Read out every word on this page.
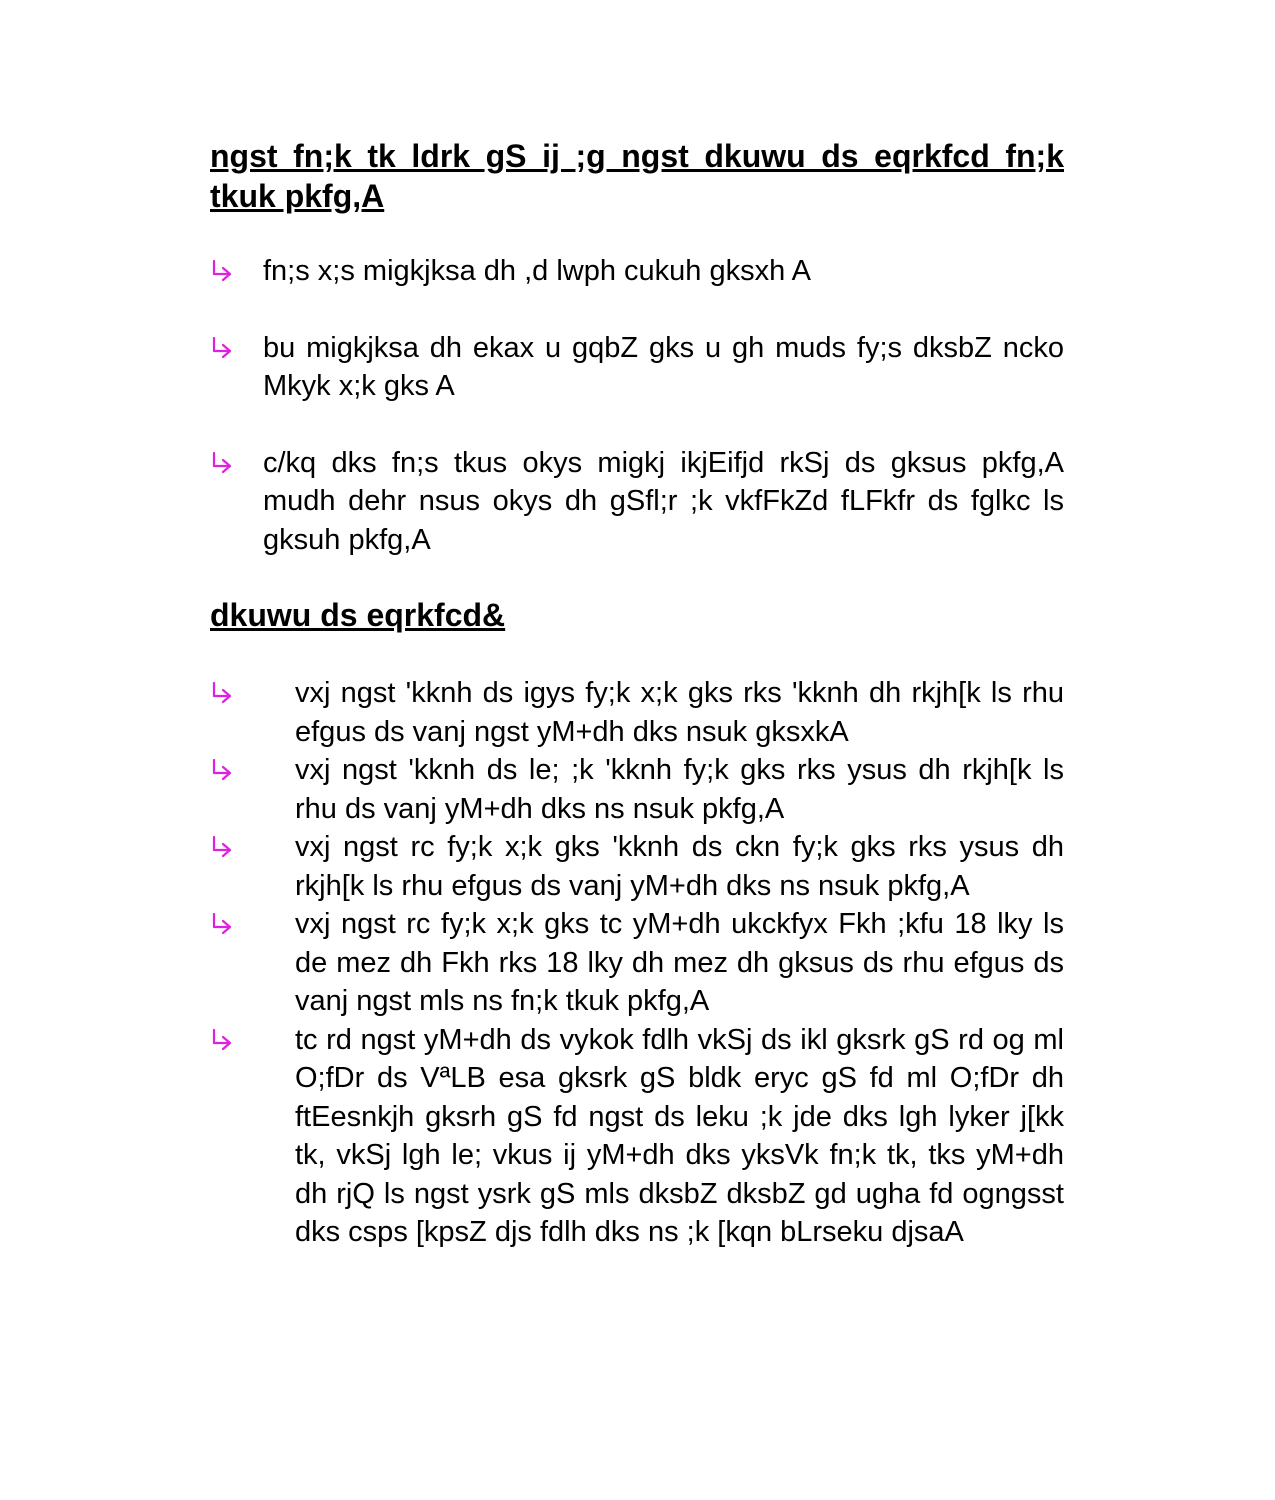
ngst fn;k tk ldrk gS ij ;g ngst dkuwu ds eqrkfcd fn;k tkuk pkfg,A
fn;s x;s migkjksa dh ,d lwph cukuh gksxh A
bu migkjksa dh ekax u gqbZ gks u gh muds fy;s dksbZ ncko Mkyk x;k gks A
c/kq dks fn;s tkus okys migkj ikjEifjd rkSj ds gksus pkfg,A mudh dehr nsus okys dh gSfl;r ;k vkfFkZd fLFkfr ds fglkc ls gksuh pkfg,A
dkuwu ds eqrkfcd&
vxj ngst 'kknh ds igys fy;k x;k gks rks 'kknh dh rkjh[k ls rhu efgus ds vanj ngst yM+dh dks nsuk gksxkA
vxj ngst 'kknh ds le; ;k 'kknh fy;k gks rks ysus dh rkjh[k ls rhu ds vanj yM+dh dks ns nsuk pkfg,A
vxj ngst rc fy;k x;k gks 'kknh ds ckn fy;k gks rks ysus dh rkjh[k ls rhu efgus ds vanj yM+dh dks ns nsuk pkfg,A
vxj ngst rc fy;k x;k gks tc yM+dh ukckfyx Fkh ;kfu 18 lky ls de mez dh Fkh rks 18 lky dh mez dh gksus ds rhu efgus ds vanj ngst mls ns fn;k tkuk pkfg,A
tc rd ngst yM+dh ds vykok fdlh vkSj ds ikl gksrk gS rd og ml O;fDr ds VªLB esa gksrk gS bldk eryc gS fd ml O;fDr dh ftEesnkjh gksrh gS fd ngst ds leku ;k jde dks lgh lyker j[kk tk, vkSj lgh le; vkus ij yM+dh dks yksVk fn;k tk, tks yM+dh dh rjQ ls ngst ysrk gS mls dksbZ dksbZ gd ugha fd ogngsst dks csps [kpsZ djs fdlh dks ns ;k [kqn bLrseku djsaA
